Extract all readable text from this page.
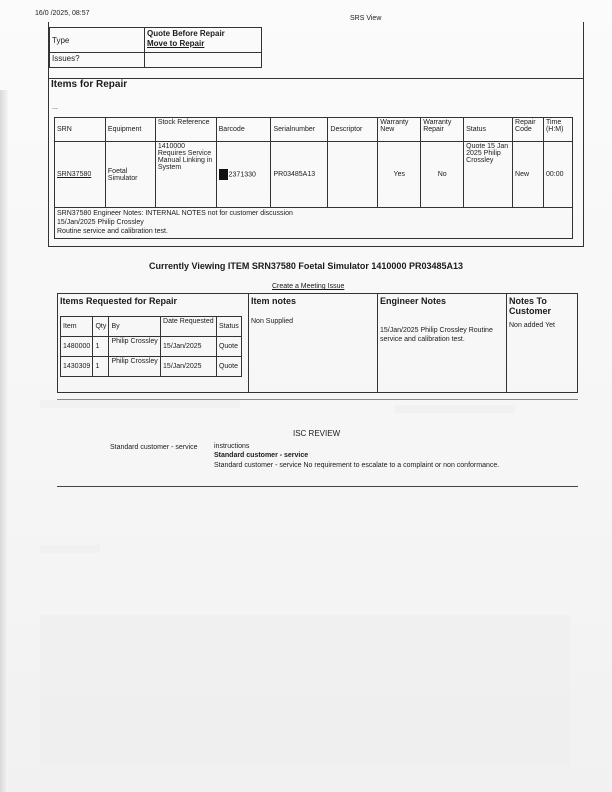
16/0 /2025, 08:57
SRS View
Type	Quote Before Repair
Move to Repair

Issues?	
Items for Repair
...
SRN	Equipment	Stock Reference	Barcode	Serialnumber	Descriptor	Warranty New	Warranty Repair	Status	Repair Code	Time (H:M)
SRN37580	Foetal Simulator	1410000 Requires Service Manual Linking in System	2371330	PR03485A13		Yes	No	Quote 15 Jan 2025 Philip Crossley	New	00:00

SRN37580 Engineer Notes: INTERNAL NOTES not for customer discussion
15/Jan/2025 Philip Crossley
Routine service and calibration test.										
Currently Viewing ITEM SRN37580 Foetal Simulator 1410000 PR03485A13
Create a Meeting Issue
Items Requested for Repair
Item	Qty	By	Date Requested	Status
1480000	1	Philip Crossley	15/Jan/2025	Quote
1430309	1	Philip Crossley	15/Jan/2025	Quote

Item notes
Non Supplied

Engineer Notes
15/Jan/2025 Philip Crossley Routine service and calibration test.

Notes To Customer
Non added Yet
ISC REVIEW
Standard customer - service	instructions
Standard customer - service
Standard customer - service No requirement to escalate to a complaint or non conformance.
